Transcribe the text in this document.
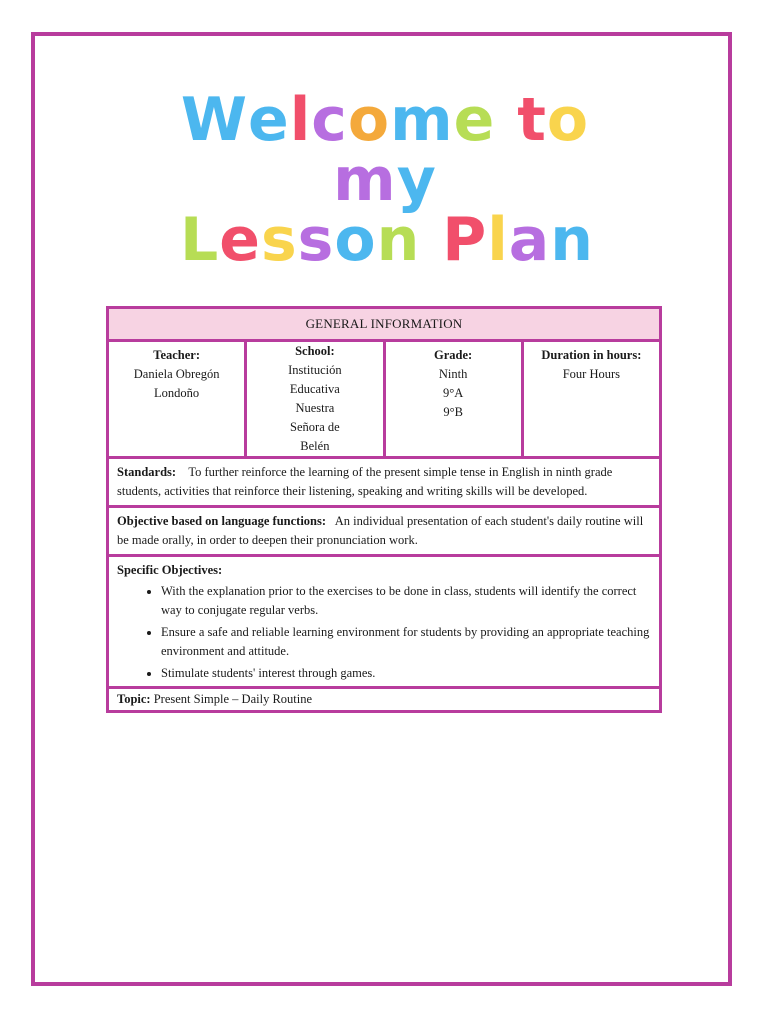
Welcome to
my
Lesson Plan
GENERAL INFORMATION

Teacher:
Daniela Obregón
Londoño

School:
Institución
Educativa
Nuestra
Señora de
Belén

Grade:
Ninth
9°A
9°B

Duration in hours:
Four Hours

Standards: To further reinforce the learning of the present simple tense in English in ninth grade students, activities that reinforce their listening, speaking and writing skills will be developed.
Objective based on language functions: An individual presentation of each student's daily routine will be made orally, in order to deepen their pronunciation work.
Specific Objectives:
• With the explanation prior to the exercises to be done in class, students will identify the correct way to conjugate regular verbs.
• Ensure a safe and reliable learning environment for students by providing an appropriate teaching environment and attitude.
• Stimulate students' interest through games.

Topic: Present Simple – Daily Routine
